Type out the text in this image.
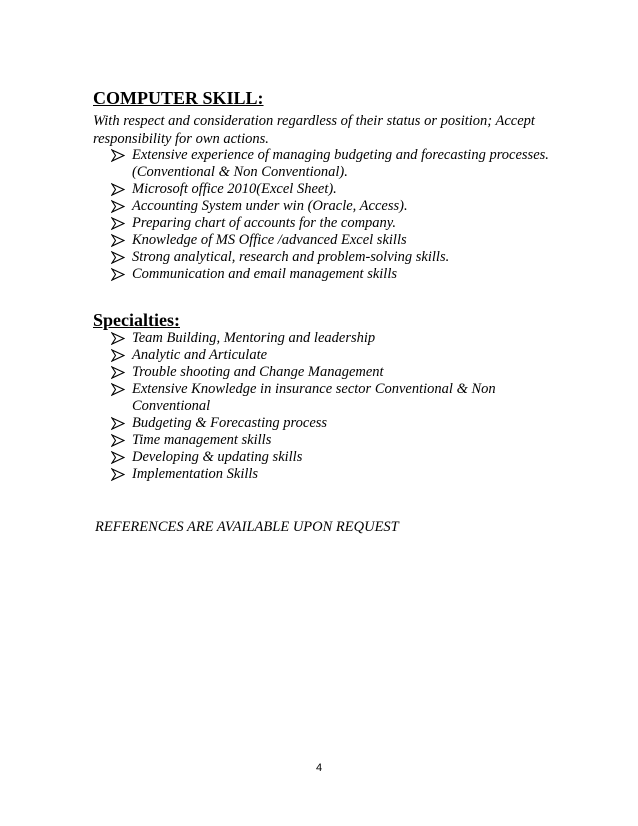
COMPUTER SKILL:
With respect and consideration regardless of their status or position; Accept responsibility for own actions.
Extensive experience of managing budgeting and forecasting processes. (Conventional & Non Conventional).
Microsoft office 2010(Excel Sheet).
Accounting System under win (Oracle, Access).
Preparing chart of accounts for the company.
Knowledge of MS Office /advanced Excel skills
Strong analytical, research and problem-solving skills.
Communication and email management skills
Specialties:
Team Building, Mentoring and leadership
Analytic and Articulate
Trouble shooting and Change Management
Extensive Knowledge in insurance sector Conventional & Non Conventional
Budgeting & Forecasting process
Time management skills
Developing & updating skills
Implementation Skills
REFERENCES ARE AVAILABLE UPON REQUEST
4
